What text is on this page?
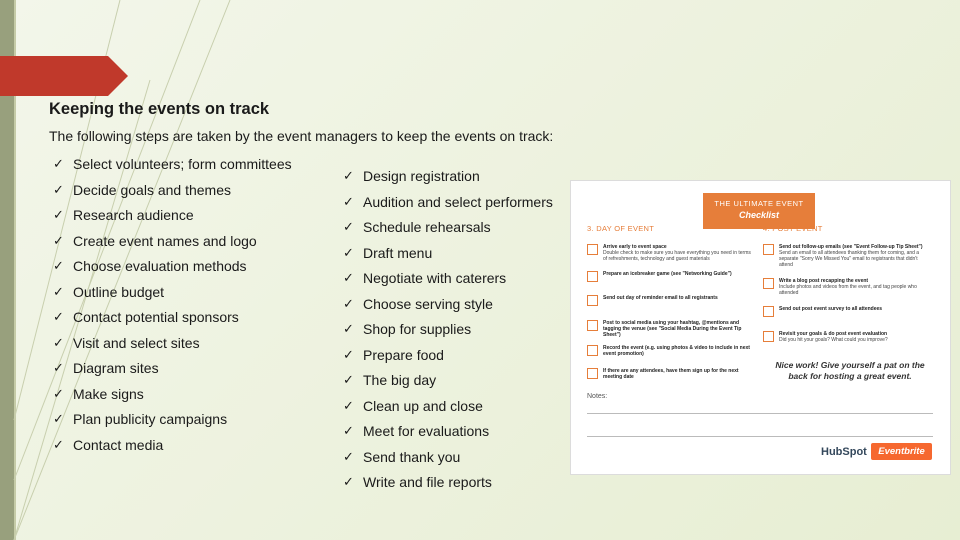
Keeping the events on track
The following steps are taken by the event managers to keep the events on track:
✓ Select volunteers; form committees
✓ Decide goals and themes
✓ Research audience
✓ Create event names and logo
✓ Choose evaluation methods
✓ Outline budget
✓ Contact potential sponsors
✓ Visit and select sites
✓ Diagram sites
✓ Make signs
✓ Plan publicity campaigns
✓ Contact media
✓ Design registration
✓ Audition and select performers
✓ Schedule rehearsals
✓ Draft menu
✓ Negotiate with caterers
✓ Choose serving style
✓ Shop for supplies
✓ Prepare food
✓ The big day
✓ Clean up and close
✓ Meet for evaluations
✓ Send thank you
✓ Write and file reports
THE ULTIMATE EVENT
Checklist
3. DAY OF EVENT	4. POST EVENT
Arrive early to event space
Double check to make sure you have everything you need in terms of refreshments, technology and guest materials
Prepare an icebreaker game (see "Networking Guide")
Send out day of reminder email to all registrants
Post to social media using your hashtag, @mentions and tagging the venue (see "Social Media During the Event Tip Sheet")
Record the event (e.g. using photos & video to include in next event promotion)
If there are any attendees, have them sign up for the next meeting date
Send out follow-up emails (see "Event Follow-up Tip Sheet")
Send an email to all attendees thanking them for coming, and a separate "Sorry We Missed You" email to registrants that didn't attend
Write a blog post recapping the event
Include photos and videos from the event, and tag people who attended
Send out post event survey to all attendees
Revisit your goals & do post event evaluation
Did you hit your goals? What could you improve?
Nice work! Give yourself a pat on the back for hosting a great event.
Notes:
HubSpot	Eventbrite
